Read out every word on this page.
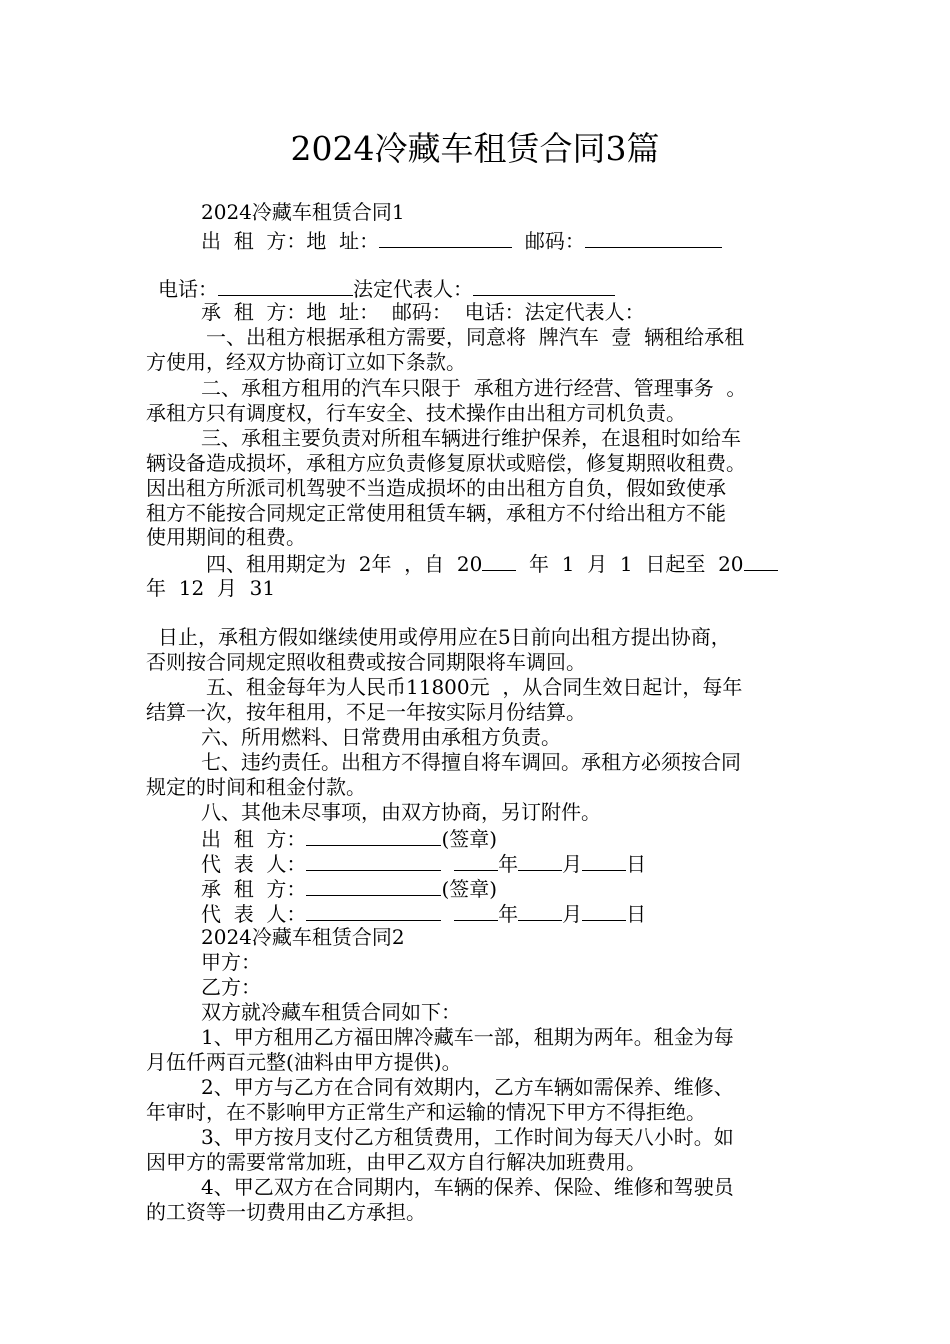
2024冷藏车租赁合同3篇
2024冷藏车租赁合同1
出  租  方：地  址：	邮码：
电话：	法定代表人：
承  租  方：地  址：  邮码：  电话：法定代表人：
一、出租方根据承租方需要，同意将  牌汽车  壹  辆租给承租
方使用，经双方协商订立如下条款。
二、承租方租用的汽车只限于  承租方进行经营、管理事务  。
承租方只有调度权，行车安全、技术操作由出租方司机负责。
三、承租主要负责对所租车辆进行维护保养，在退租时如给车
辆设备造成损坏，承租方应负责修复原状或赔偿，修复期照收租费。
因出租方所派司机驾驶不当造成损坏的由出租方自负，假如致使承
租方不能按合同规定正常使用租赁车辆，承租方不付给出租方不能
使用期间的租费。
四、租用期定为  2年  ，自  20  年  1  月  1  日起至  20
年  12  月  31
日止，承租方假如继续使用或停用应在5日前向出租方提出协商，
否则按合同规定照收租费或按合同期限将车调回。
五、租金每年为人民币11800元  ，从合同生效日起计，每年
结算一次，按年租用，不足一年按实际月份结算。
六、所用燃料、日常费用由承租方负责。
七、违约责任。出租方不得擅自将车调回。承租方必须按合同
规定的时间和租金付款。
八、其他未尽事项，由双方协商，另订附件。
出  租  方：	(签章)
代  表  人：	年 月 日
承  租  方：	(签章)
代  表  人：	年 月 日
2024冷藏车租赁合同2
甲方：
乙方：
双方就冷藏车租赁合同如下：
1、甲方租用乙方福田牌冷藏车一部，租期为两年。租金为每
月伍仟两百元整(油料由甲方提供)。
2、甲方与乙方在合同有效期内，乙方车辆如需保养、维修、
年审时，在不影响甲方正常生产和运输的情况下甲方不得拒绝。
3、甲方按月支付乙方租赁费用，工作时间为每天八小时。如
因甲方的需要常常加班，由甲乙双方自行解决加班费用。
4、甲乙双方在合同期内，车辆的保养、保险、维修和驾驶员
的工资等一切费用由乙方承担。
